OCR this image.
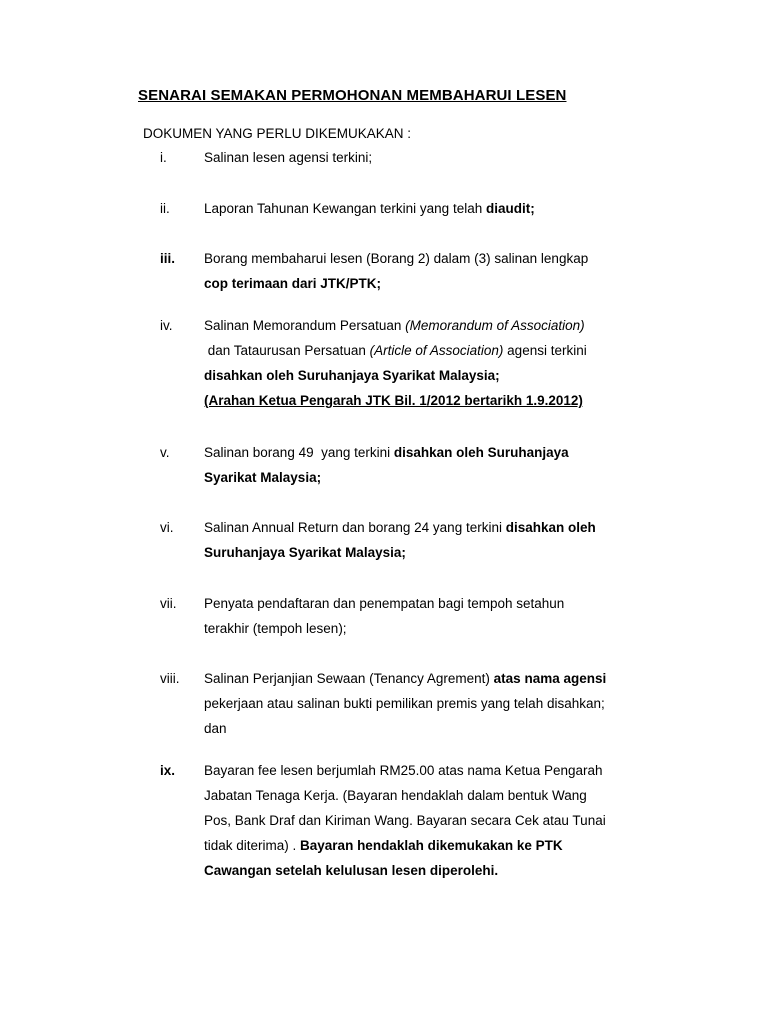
SENARAI SEMAKAN PERMOHONAN MEMBAHARUI LESEN
DOKUMEN YANG PERLU DIKEMUKAKAN :
i.	Salinan lesen agensi terkini;
ii.	Laporan Tahunan Kewangan terkini yang telah diaudit;
iii. Borang membaharui lesen (Borang 2) dalam (3) salinan lengkap
cop terimaan dari JTK/PTK;
iv. Salinan Memorandum Persatuan (Memorandum of Association)
dan Tataurusan Persatuan (Article of Association) agensi terkini
disahkan oleh Suruhanjaya Syarikat Malaysia;
(Arahan Ketua Pengarah JTK Bil. 1/2012 bertarikh 1.9.2012)
v.	Salinan borang 49  yang terkini disahkan oleh Suruhanjaya
Syarikat Malaysia;
vi. Salinan Annual Return dan borang 24 yang terkini disahkan oleh
Suruhanjaya Syarikat Malaysia;
vii. Penyata pendaftaran dan penempatan bagi tempoh setahun
terakhir (tempoh lesen);
viii. Salinan Perjanjian Sewaan (Tenancy Agrement) atas nama agensi
pekerjaan atau salinan bukti pemilikan premis yang telah disahkan;
dan
ix. Bayaran fee lesen berjumlah RM25.00 atas nama Ketua Pengarah
Jabatan Tenaga Kerja. (Bayaran hendaklah dalam bentuk Wang
Pos, Bank Draf dan Kiriman Wang. Bayaran secara Cek atau Tunai
tidak diterima) . Bayaran hendaklah dikemukakan ke PTK
Cawangan setelah kelulusan lesen diperolehi.
